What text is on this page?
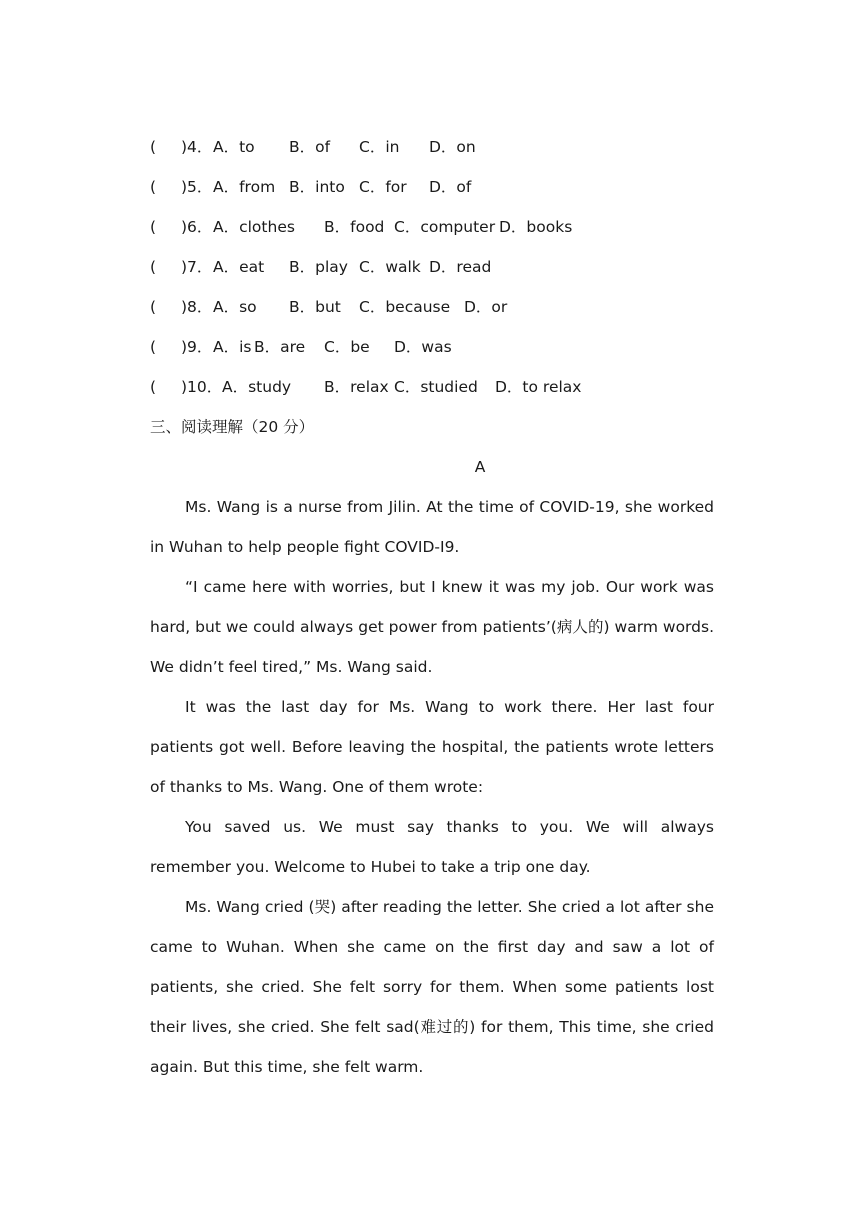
( ) 4． A．to B．of C．in D．on
( ) 5． A．from B．into C．for D．of
( ) 6． A．clothes B．food C．computer D．books
( ) 7． A．eat B．play C．walk D．read
( ) 8． A．so B．but C．because D．or
( ) 9． A．is B．are C．be D．was
( ) 10． A．study B．relax C．studied D．to relax
三、阅读理解（20 分）
A
Ms. Wang is a nurse from Jilin. At the time of COVID-19, she worked in Wuhan to help people fight COVID-I9.
“I came here with worries, but I knew it was my job. Our work was hard, but we could always get power from patients’(病人的) warm words. We didn’t feel tired,” Ms. Wang said.
It was the last day for Ms. Wang to work there. Her last four patients got well. Before leaving the hospital, the patients wrote letters of thanks to Ms. Wang. One of them wrote:
You saved us. We must say thanks to you. We will always remember you. Welcome to Hubei to take a trip one day.
Ms. Wang cried (哭) after reading the letter. She cried a lot after she came to Wuhan. When she came on the first day and saw a lot of patients, she cried. She felt sorry for them. When some patients lost their lives, she cried. She felt sad(难过的) for them, This time, she cried again. But this time, she felt warm.
